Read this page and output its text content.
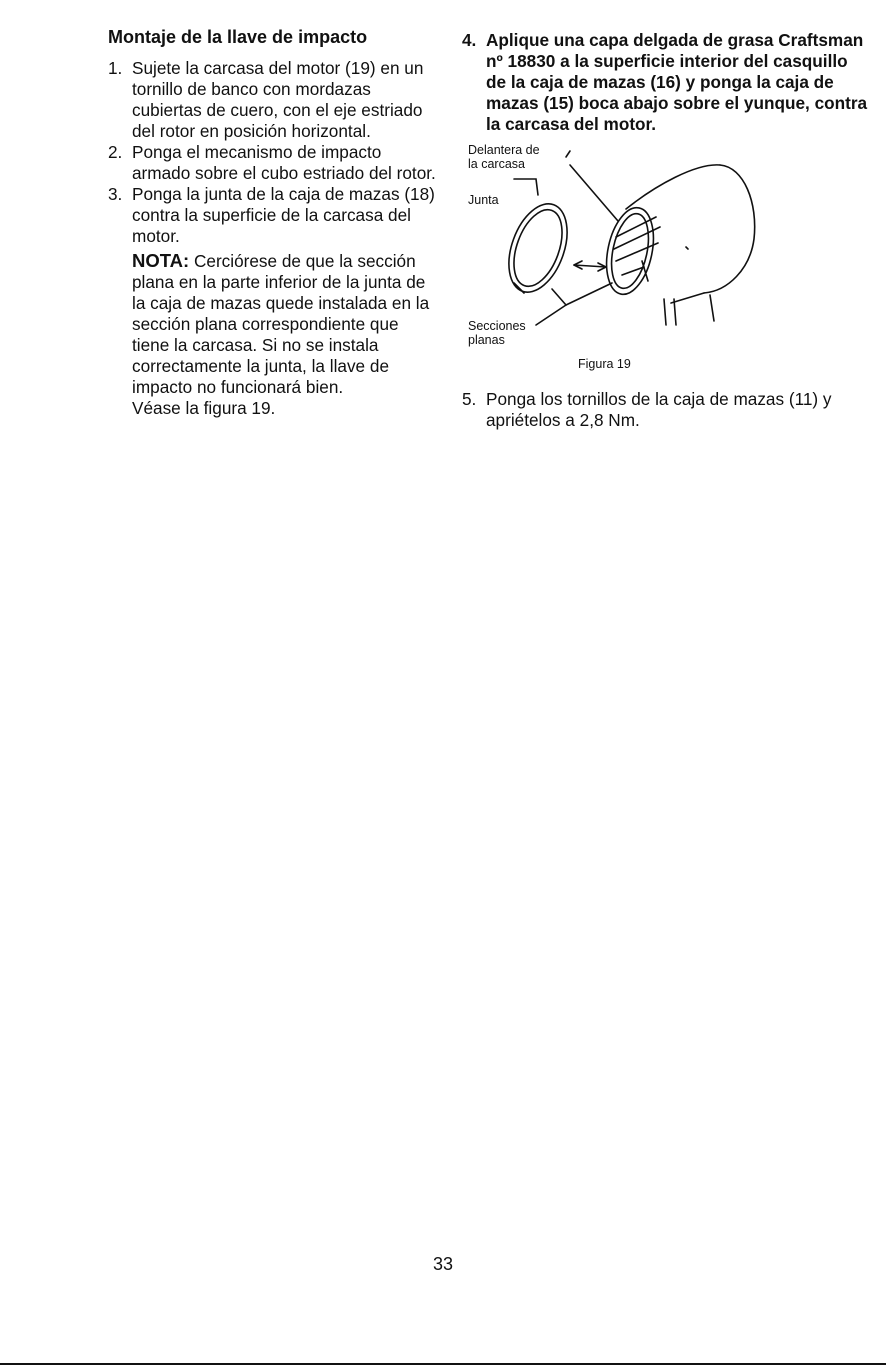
Montaje de la llave de impacto

1. Sujete la carcasa del motor (19) en un tornillo de banco con mordazas cubiertas de cuero, con el eje estriado del rotor en posición horizontal.

2. Ponga el mecanismo de impacto armado sobre el cubo estriado del rotor.

3. Ponga la junta de la caja de mazas (18) contra la superficie de la carcasa del motor.
NOTA: Cerciórese de que la sección plana en la parte inferior de la junta de la caja de mazas quede instalada en la sección plana correspondiente que tiene la carcasa. Si no se instala correctamente la junta, la llave de impacto no funcionará bien.
Véase la figura 19.

4. Aplique una capa delgada de grasa Craftsman nº 18830 a la superficie interior del casquillo de la caja de mazas (16) y ponga la caja de mazas (15) boca abajo sobre el yunque, contra la carcasa del motor.

Delantera de
la carcasa
Junta
Secciones
planas
Figura 19

5. Ponga los tornillos de la caja de mazas (11) y apriételos a 2,8 Nm.

33
